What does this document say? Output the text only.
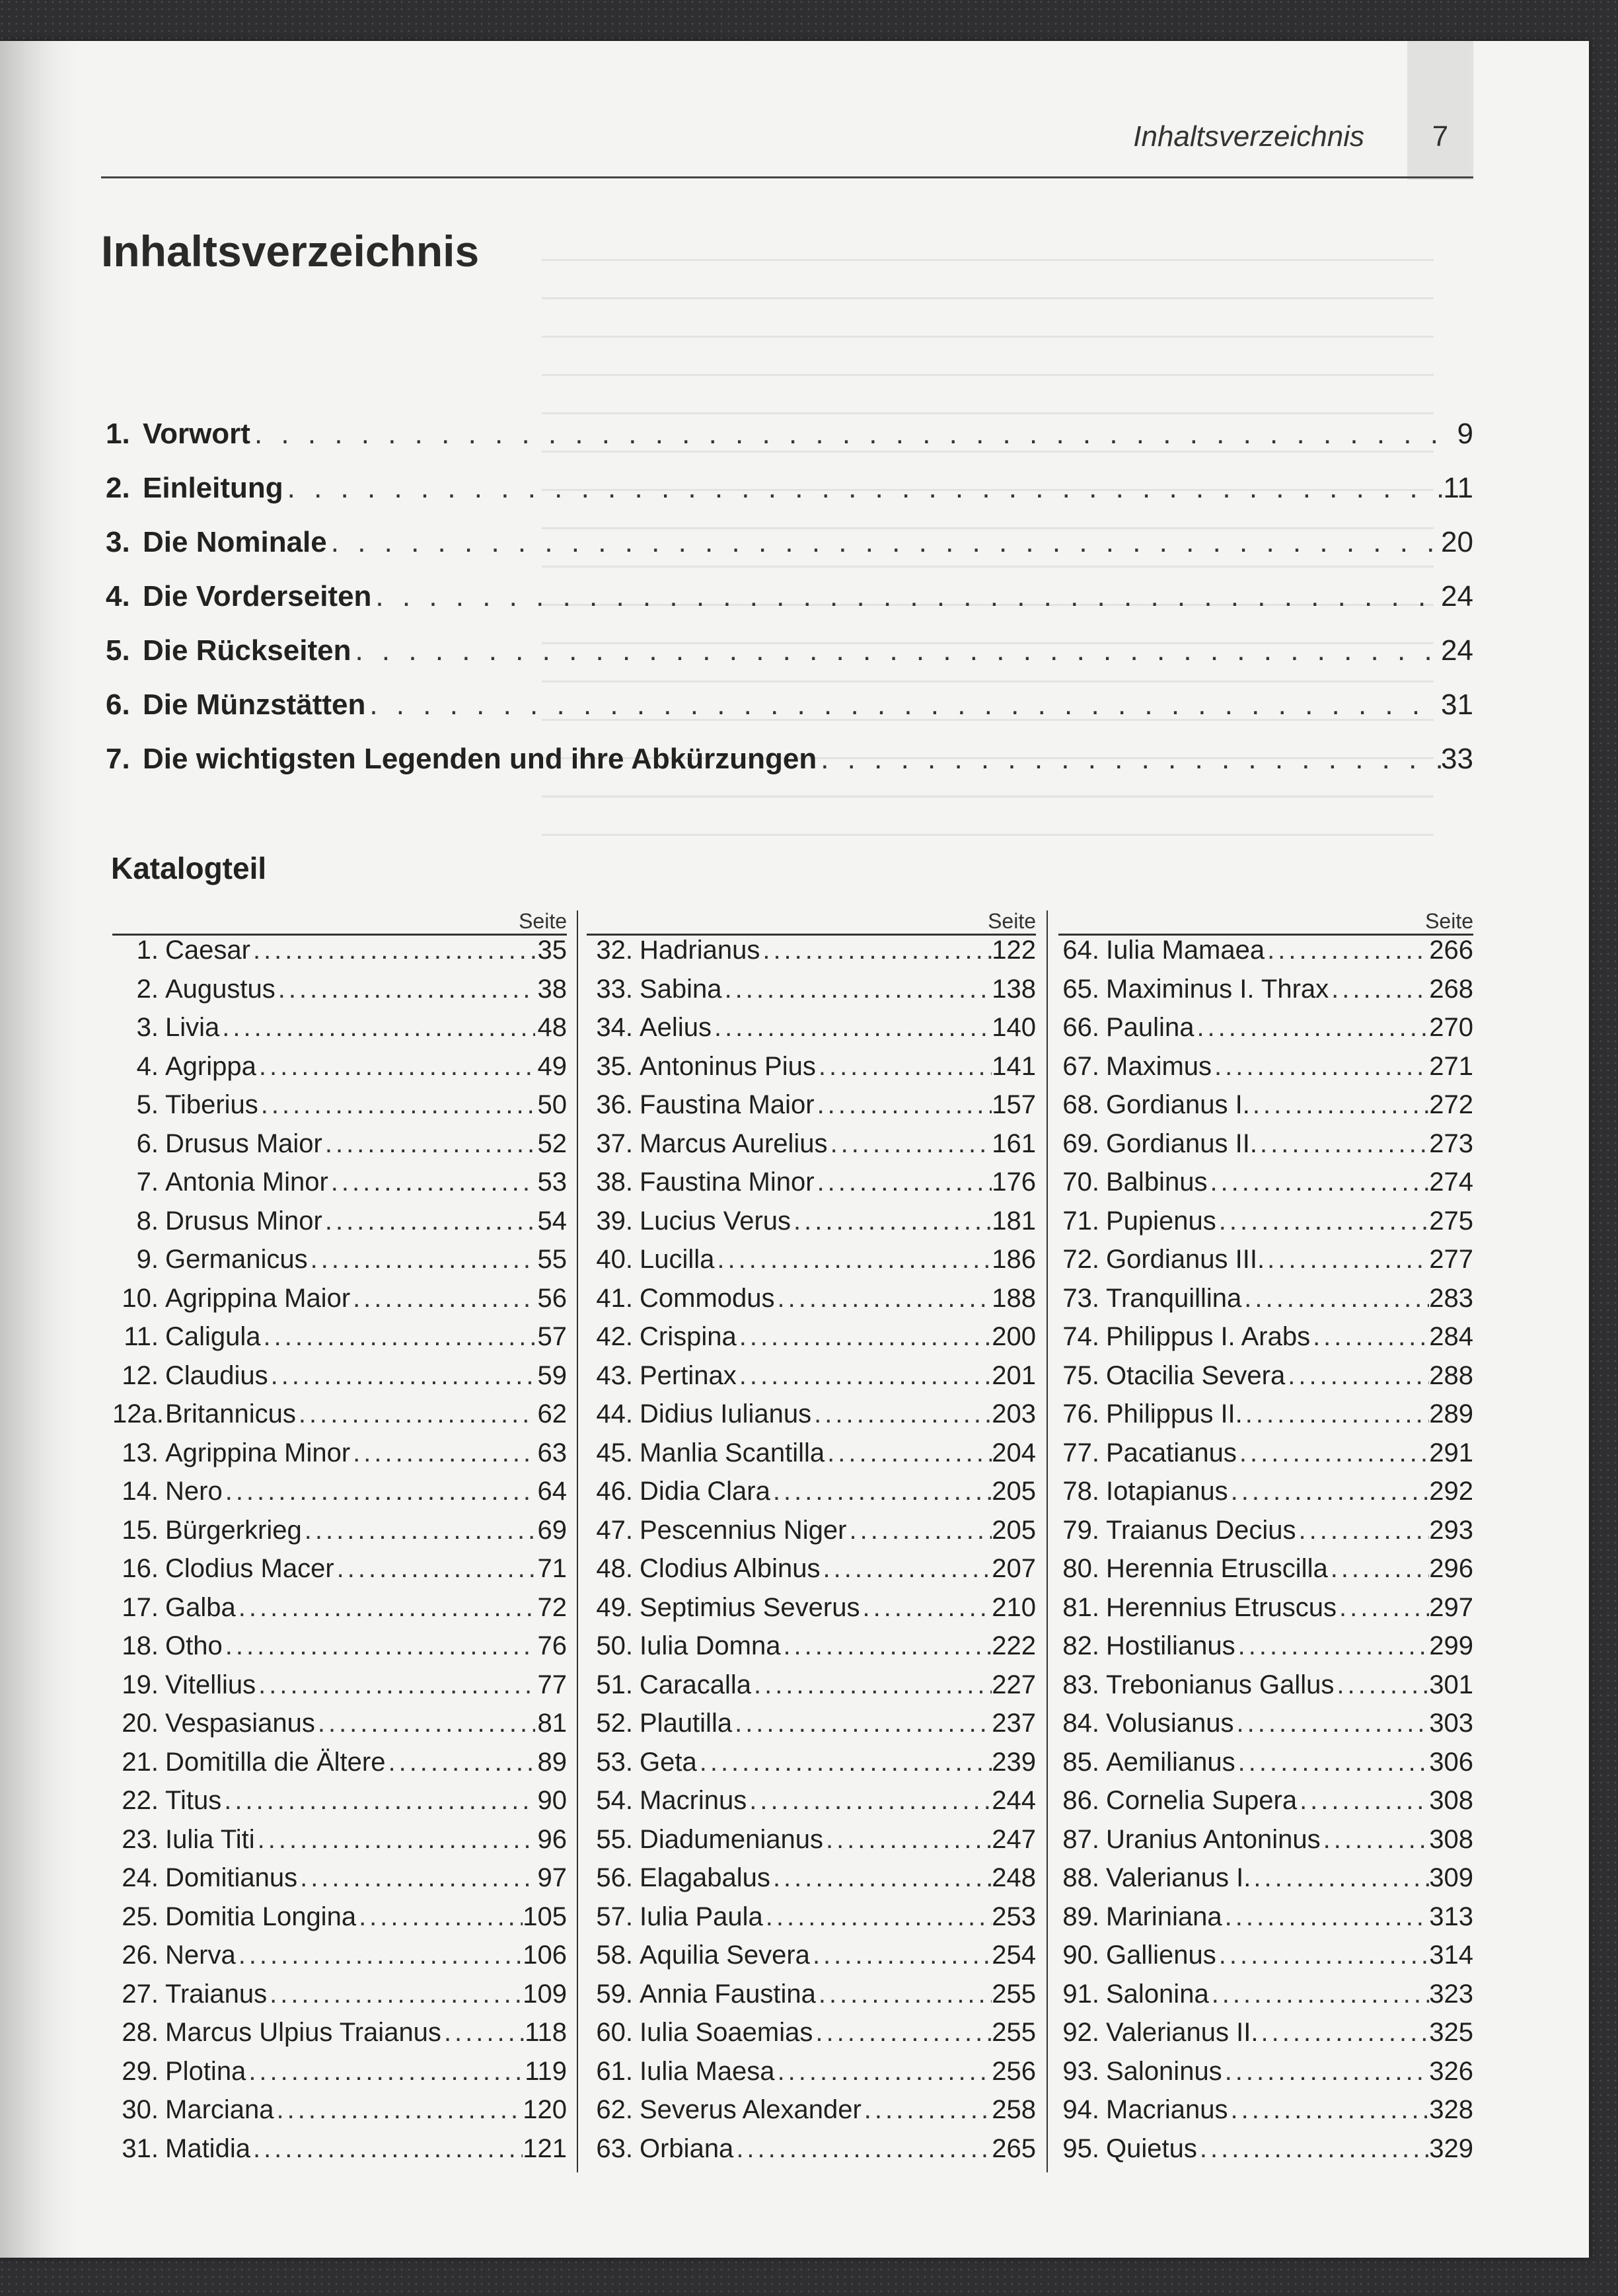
Inhaltsverzeichnis	7
Inhaltsverzeichnis
1. Vorwort . . .	9
2. Einleitung . . .	11
3. Die Nominale . . .	20
4. Die Vorderseiten . . .	24
5. Die Rückseiten . . .	24
6. Die Münzstätten . . .	31
7. Die wichtigsten Legenden und ihre Abkürzungen . . .	33
Katalogteil
Seite
1. Caesar .....	35
2. Augustus .....	38
3. Livia .....	48
4. Agrippa .....	49
5. Tiberius .....	50
6. Drusus Maior .....	52
7. Antonia Minor .....	53
8. Drusus Minor .....	54
9. Germanicus .....	55
10. Agrippina Maior .....	56
11. Caligula .....	57
12. Claudius .....	59
12a. Britannicus .....	62
13. Agrippina Minor .....	63
14. Nero .....	64
15. Bürgerkrieg .....	69
16. Clodius Macer .....	71
17. Galba .....	72
18. Otho .....	76
19. Vitellius .....	77
20. Vespasianus .....	81
21. Domitilla die Ältere .....	89
22. Titus .....	90
23. Iulia Titi .....	96
24. Domitianus .....	97
25. Domitia Longina .....	105
26. Nerva .....	106
27. Traianus .....	109
28. Marcus Ulpius Traianus .....	118
29. Plotina .....	119
30. Marciana .....	120
31. Matidia .....	121
Seite
32. Hadrianus .....	122
33. Sabina .....	138
34. Aelius .....	140
35. Antoninus Pius .....	141
36. Faustina Maior .....	157
37. Marcus Aurelius .....	161
38. Faustina Minor .....	176
39. Lucius Verus .....	181
40. Lucilla .....	186
41. Commodus .....	188
42. Crispina .....	200
43. Pertinax .....	201
44. Didius Iulianus .....	203
45. Manlia Scantilla .....	204
46. Didia Clara .....	205
47. Pescennius Niger .....	205
48. Clodius Albinus .....	207
49. Septimius Severus .....	210
50. Iulia Domna .....	222
51. Caracalla .....	227
52. Plautilla .....	237
53. Geta .....	239
54. Macrinus .....	244
55. Diadumenianus .....	247
56. Elagabalus .....	248
57. Iulia Paula .....	253
58. Aquilia Severa .....	254
59. Annia Faustina .....	255
60. Iulia Soaemias .....	255
61. Iulia Maesa .....	256
62. Severus Alexander .....	258
63. Orbiana .....	265
Seite
64. Iulia Mamaea .....	266
65. Maximinus I. Thrax .....	268
66. Paulina .....	270
67. Maximus .....	271
68. Gordianus I. .....	272
69. Gordianus II. .....	273
70. Balbinus .....	274
71. Pupienus .....	275
72. Gordianus III. .....	277
73. Tranquillina .....	283
74. Philippus I. Arabs .....	284
75. Otacilia Severa .....	288
76. Philippus II. .....	289
77. Pacatianus .....	291
78. Iotapianus .....	292
79. Traianus Decius .....	293
80. Herennia Etruscilla .....	296
81. Herennius Etruscus .....	297
82. Hostilianus .....	299
83. Trebonianus Gallus .....	301
84. Volusianus .....	303
85. Aemilianus .....	306
86. Cornelia Supera .....	308
87. Uranius Antoninus .....	308
88. Valerianus I. .....	309
89. Mariniana .....	313
90. Gallienus .....	314
91. Salonina .....	323
92. Valerianus II. .....	325
93. Saloninus .....	326
94. Macrianus .....	328
95. Quietus .....	329
